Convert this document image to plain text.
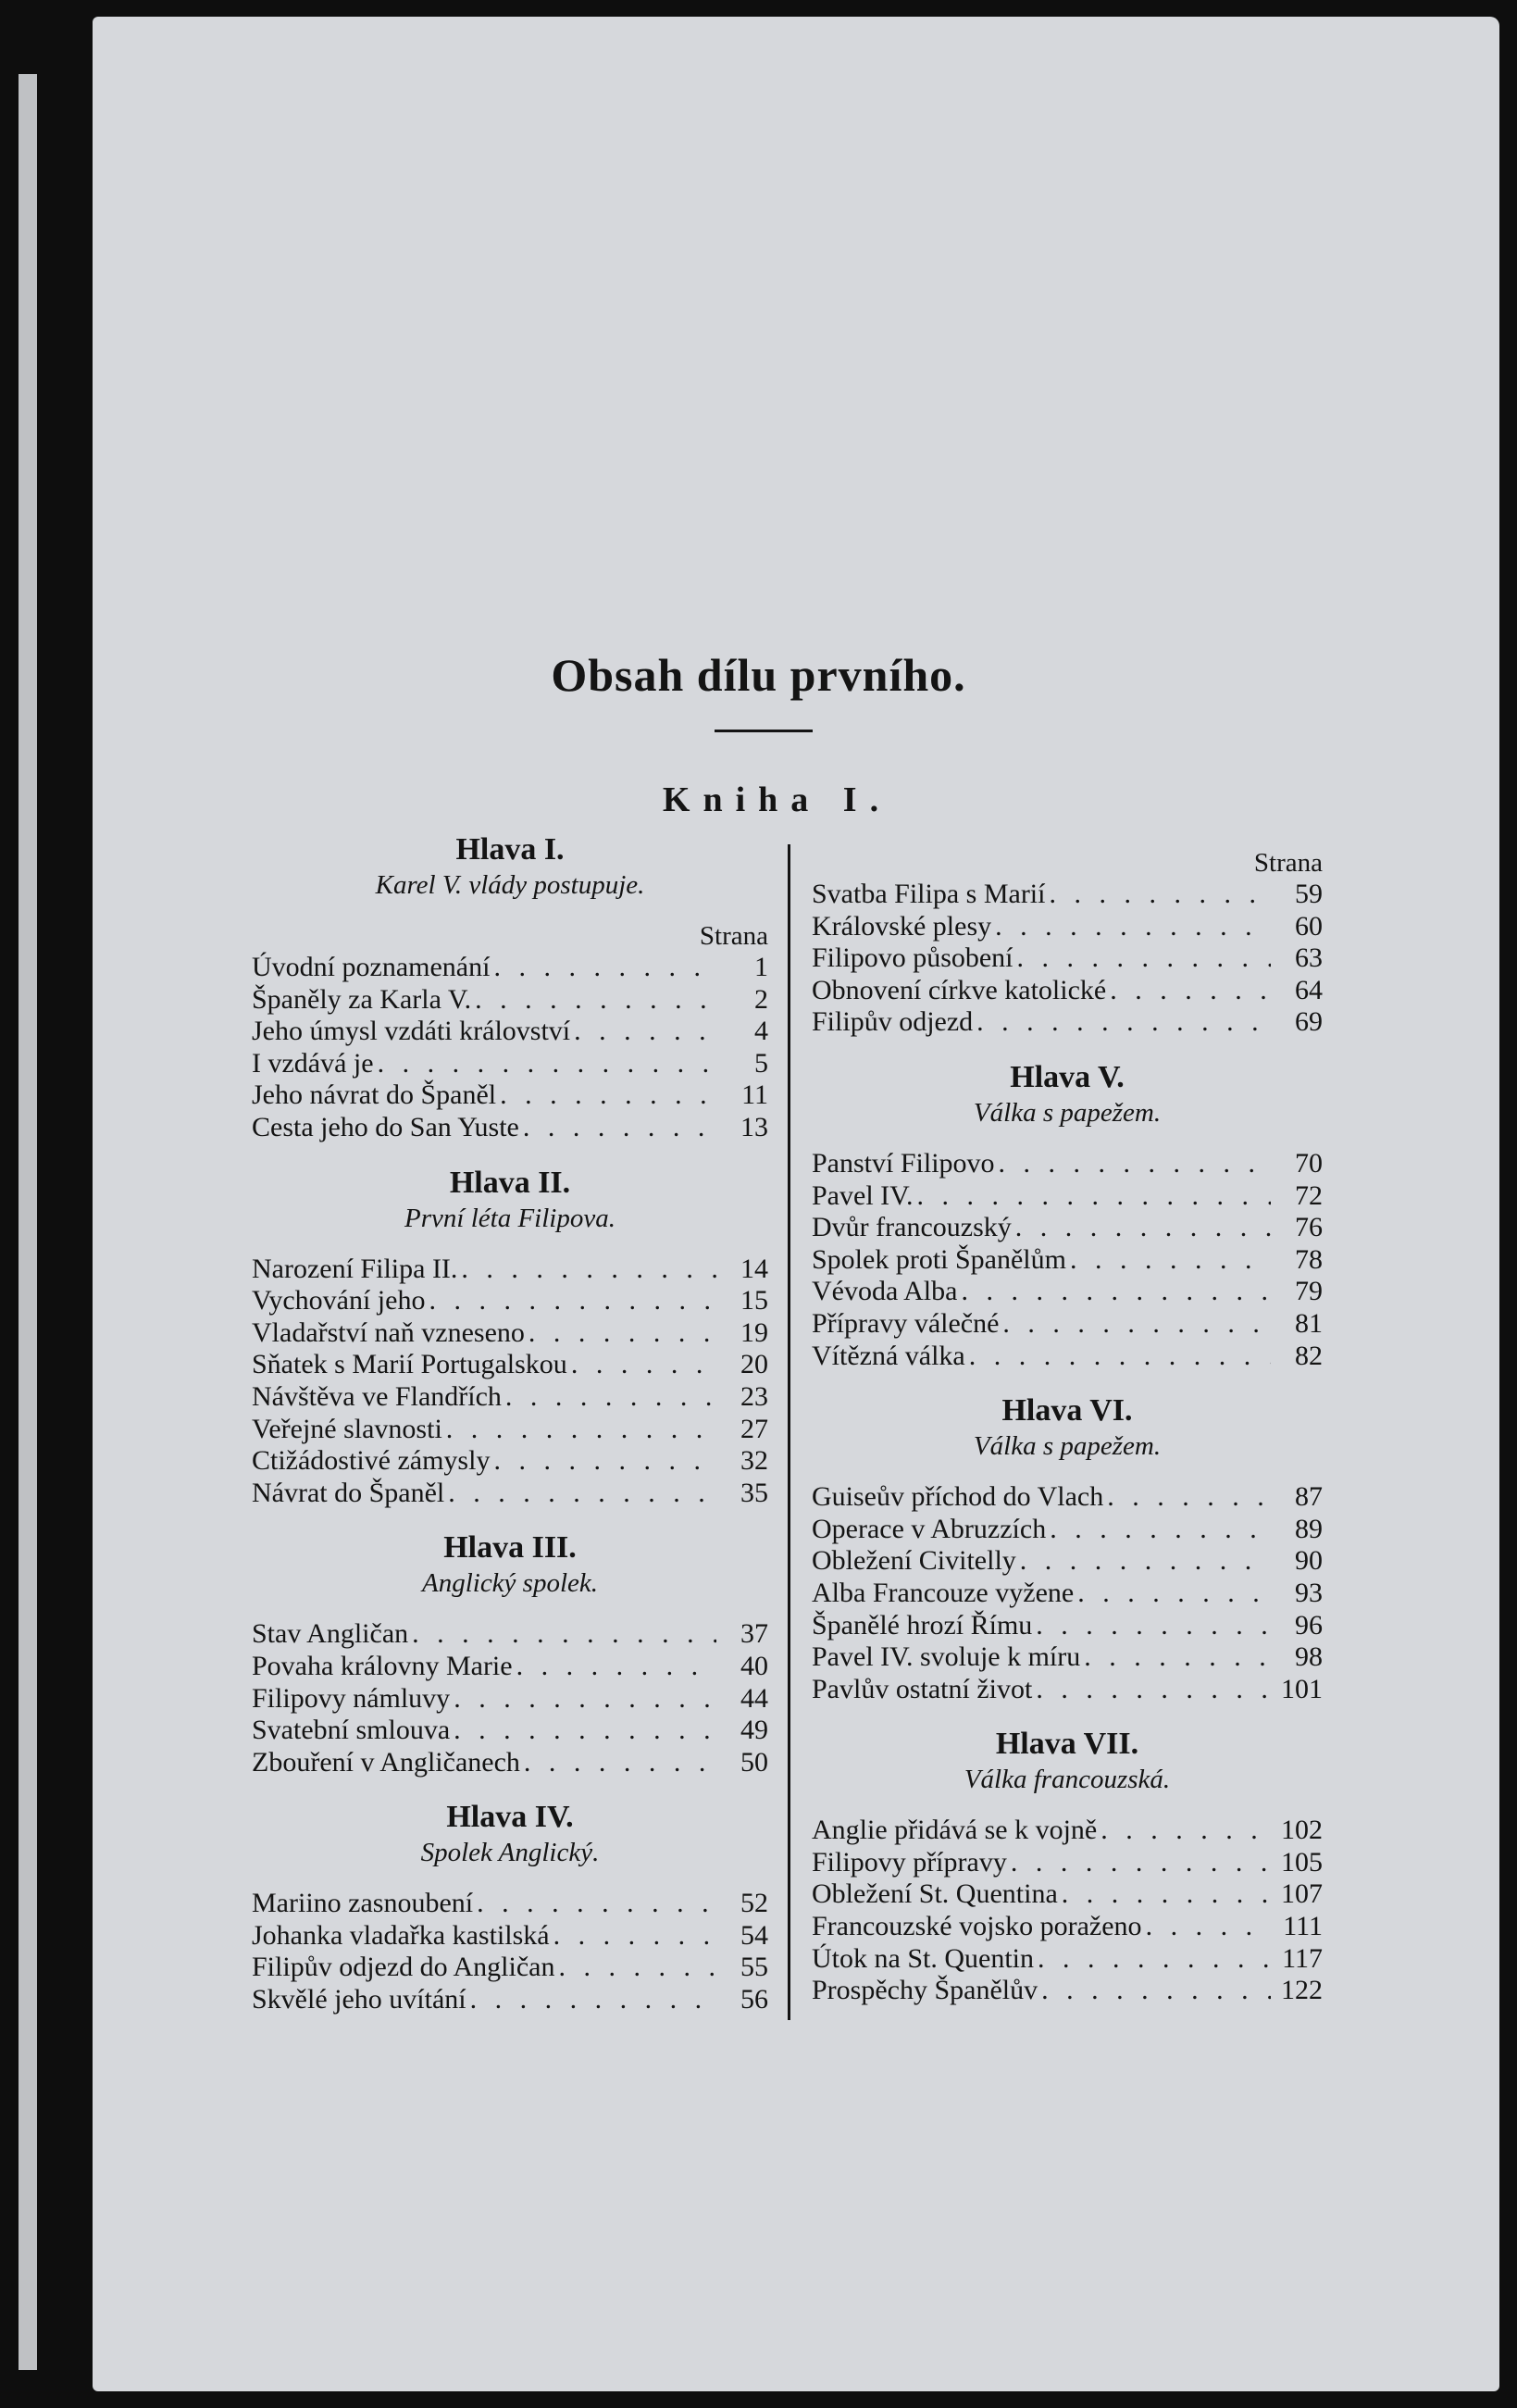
Obsah dílu prvního.
Kniha I.
Hlava I.
Karel V. vlády postupuje.
Strana
Úvodní poznamenání . . .	1
Španěly za Karla V. . . .	2
Jeho úmysl vzdáti království . . .	4
I vzdává je . . .	5
Jeho návrat do Španěl . . .	11
Cesta jeho do San Yuste . . .	13
Hlava II.
První léta Filipova.
Narození Filipa II. . . .	14
Vychování jeho . . .	15
Vladařství naň vzneseno . . .	19
Sňatek s Marií Portugalskou . . .	20
Návštěva ve Flandřích . . .	23
Veřejné slavnosti . . .	27
Ctižádostivé zámysly . . .	32
Návrat do Španěl . . .	35
Hlava III.
Anglický spolek.
Stav Angličan . . .	37
Povaha královny Marie . . .	40
Filipovy námluvy . . .	44
Svatební smlouva . . .	49
Zbouření v Angličanech . . .	50
Hlava IV.
Spolek Anglický.
Mariino zasnoubení . . .	52
Johanka vladařka kastilská . . .	54
Filipův odjezd do Angličan . . .	55
Skvělé jeho uvítání . . .	56
Strana
Svatba Filipa s Marií . . .	59
Královské plesy . . .	60
Filipovo působení . . .	63
Obnovení církve katolické . . .	64
Filipův odjezd . . .	69
Hlava V.
Válka s papežem.
Panství Filipovo . . .	70
Pavel IV. . . .	72
Dvůr francouzský . . .	76
Spolek proti Španělům . . .	78
Vévoda Alba . . .	79
Přípravy válečné . . .	81
Vítězná válka . . .	82
Hlava VI.
Válka s papežem.
Guiseův příchod do Vlach . . .	87
Operace v Abruzzích . . .	89
Obležení Civitelly . . .	90
Alba Francouze vyžene . . .	93
Španělé hrozí Římu . . .	96
Pavel IV. svoluje k míru . . .	98
Pavlův ostatní život . . .	101
Hlava VII.
Válka francouzská.
Anglie přidává se k vojně . . .	102
Filipovy přípravy . . .	105
Obležení St. Quentina . . .	107
Francouzské vojsko poraženo . . .	111
Útok na St. Quentin . . .	117
Prospěchy Španělův . . .	122
